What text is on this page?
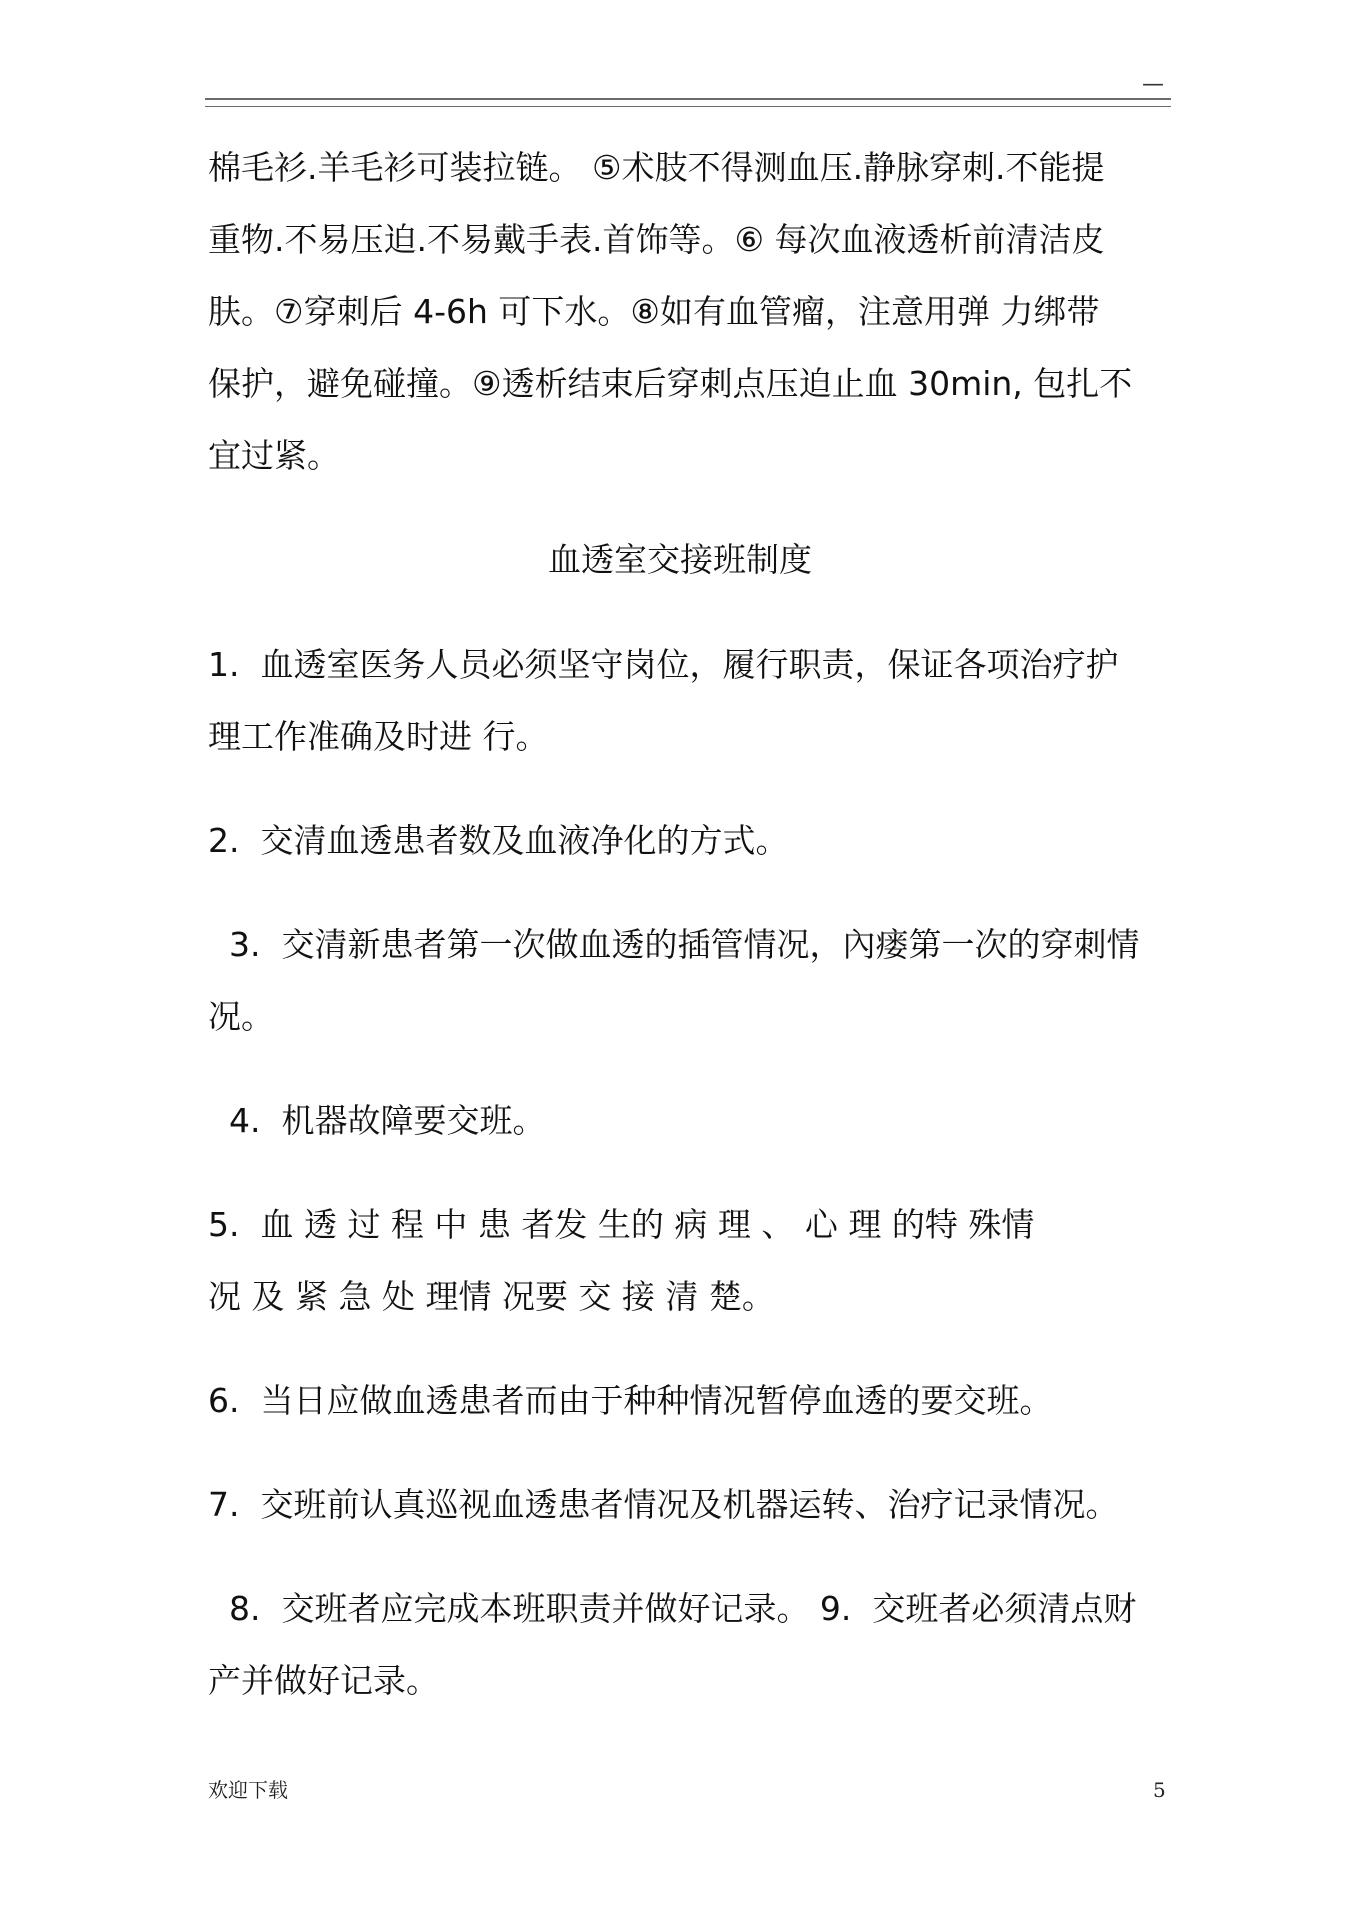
—
棉毛衫.羊毛衫可装拉链。 ⑤术肢不得测血压.静脉穿刺.不能提
重物.不易压迫.不易戴手表.首饰等。⑥ 每次血液透析前清洁皮
肤。⑦穿刺后 4-6h 可下水。⑧如有血管瘤，注意用弹 力绑带
保护，避免碰撞。⑨透析结束后穿刺点压迫止血 30min, 包扎不
宜过紧。
血透室交接班制度
1.  血透室医务人员必须坚守岗位，履行职责，保证各项治疗护
理工作准确及时进 行。
2.  交清血透患者数及血液净化的方式。
3.  交清新患者第一次做血透的插管情况，內瘘第一次的穿刺情
况。
4.  机器故障要交班。
5.  血 透 过 程 中 患 者发 生的 病 理 、 心 理 的特 殊情
况 及 紧 急 处 理情 况要 交 接 清 楚。
6.  当日应做血透患者而由于种种情况暂停血透的要交班。
7.  交班前认真巡视血透患者情况及机器运转、治疗记录情况。
8.  交班者应完成本班职责并做好记录。 9.  交班者必须清点财
产并做好记录。
欢迎下载	5
